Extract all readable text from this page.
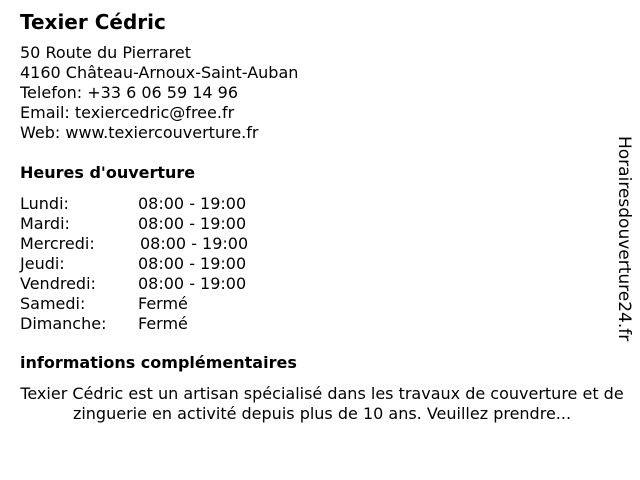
Texier Cédric
50 Route du Pierraret
4160 Château-Arnoux-Saint-Auban
Telefon: +33 6 06 59 14 96
Email: texiercedric@free.fr
Web: www.texiercouverture.fr
Heures d'ouverture
Lundi:	08:00 - 19:00
Mardi:	08:00 - 19:00
Mercredi:	08:00 - 19:00
Jeudi:	08:00 - 19:00
Vendredi:	08:00 - 19:00
Samedi:	Fermé
Dimanche: Fermé
informations complémentaires
Texier Cédric est un artisan spécialisé dans les travaux de couverture et de zinguerie en activité depuis plus de 10 ans. Veuillez prendre...
Horairesdouverture24.fr
